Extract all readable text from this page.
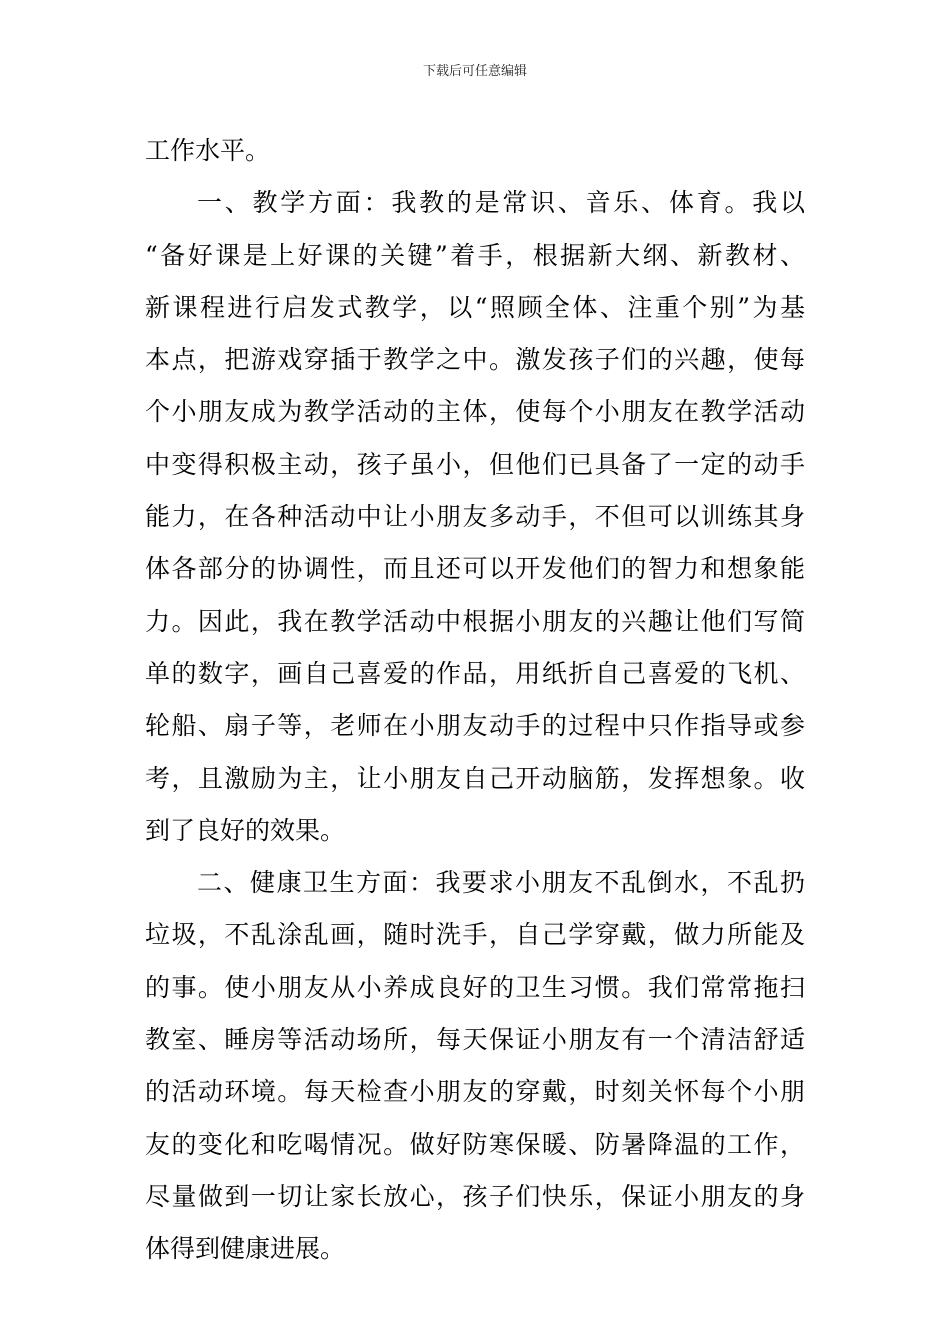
下载后可任意编辑
工作水平。
一、教学方面：我教的是常识、音乐、体育。我以
“备好课是上好课的关键”着手，根据新大纲、新教材、
新课程进行启发式教学，以“照顾全体、注重个别”为基
本点，把游戏穿插于教学之中。激发孩子们的兴趣，使每
个小朋友成为教学活动的主体，使每个小朋友在教学活动
中变得积极主动，孩子虽小，但他们已具备了一定的动手
能力，在各种活动中让小朋友多动手，不但可以训练其身
体各部分的协调性，而且还可以开发他们的智力和想象能
力。因此，我在教学活动中根据小朋友的兴趣让他们写简
单的数字，画自己喜爱的作品，用纸折自己喜爱的飞机、
轮船、扇子等，老师在小朋友动手的过程中只作指导或参
考，且激励为主，让小朋友自己开动脑筋，发挥想象。收
到了良好的效果。
二、健康卫生方面：我要求小朋友不乱倒水，不乱扔
垃圾，不乱涂乱画，随时洗手，自己学穿戴，做力所能及
的事。使小朋友从小养成良好的卫生习惯。我们常常拖扫
教室、睡房等活动场所，每天保证小朋友有一个清洁舒适
的活动环境。每天检查小朋友的穿戴，时刻关怀每个小朋
友的变化和吃喝情况。做好防寒保暖、防暑降温的工作，
尽量做到一切让家长放心，孩子们快乐，保证小朋友的身
体得到健康进展。
